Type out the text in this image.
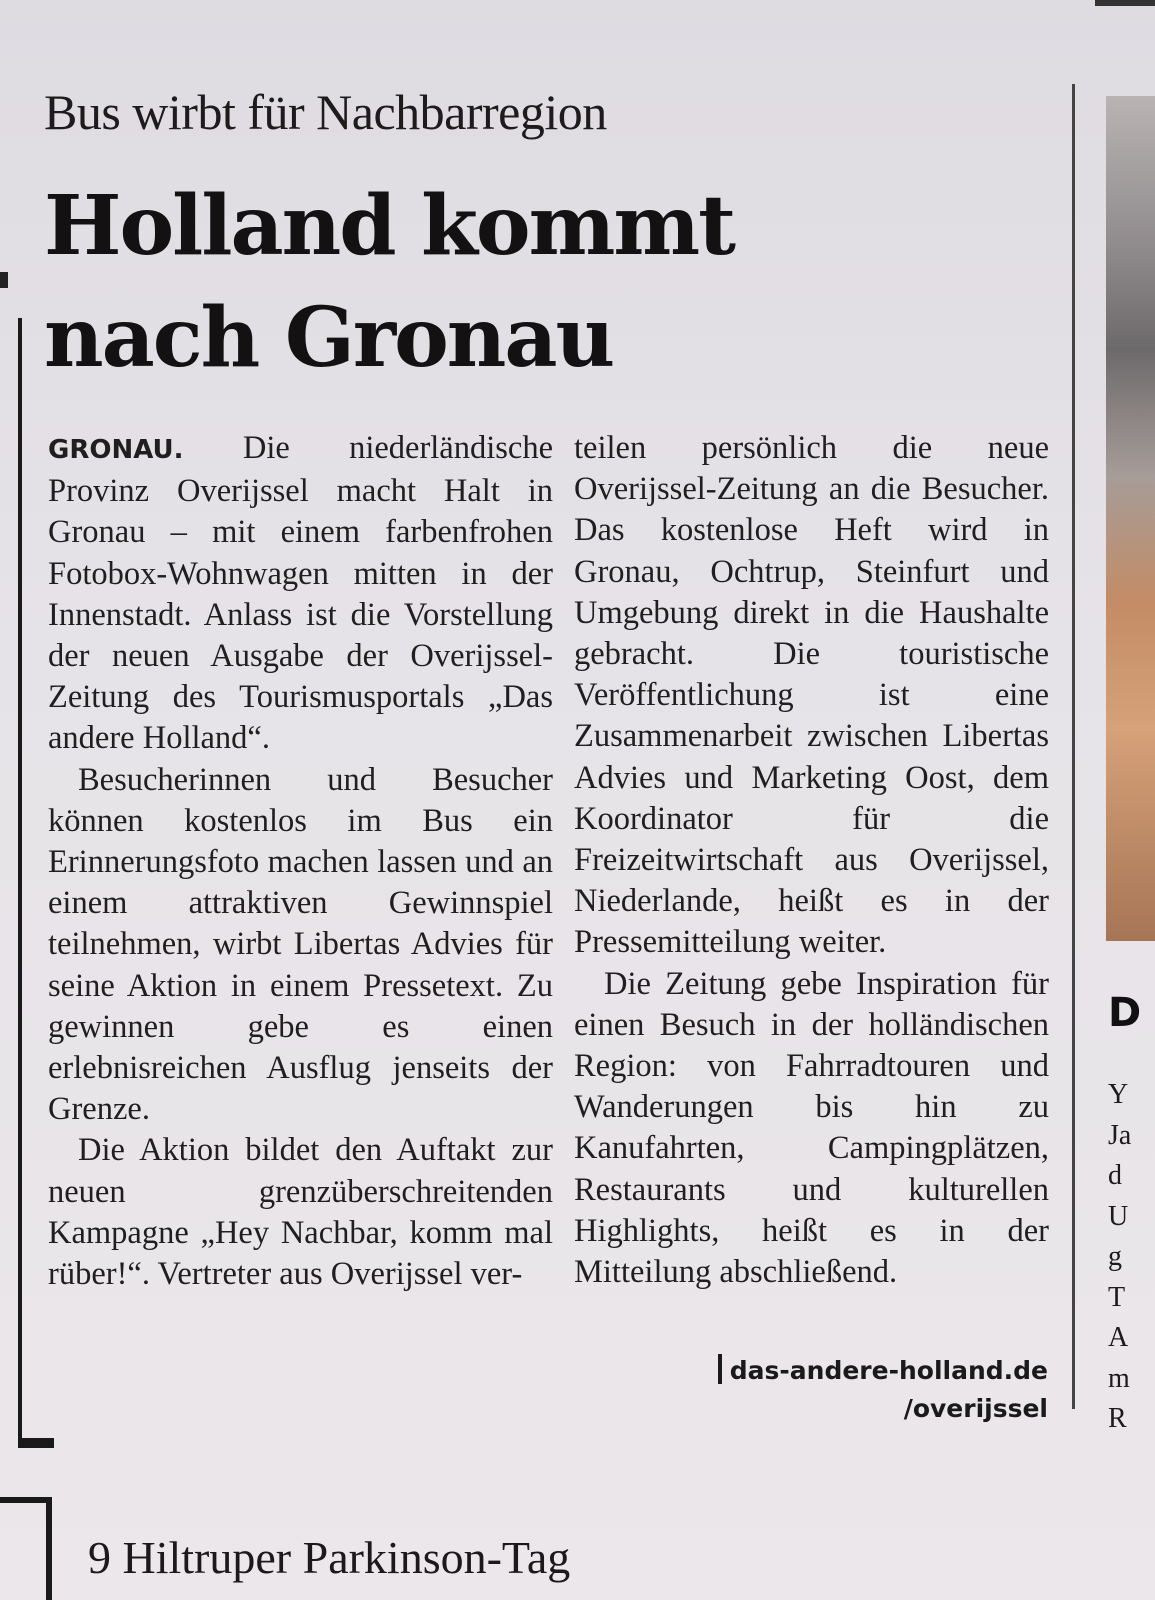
Bus wirbt für Nachbarregion
Holland kommt
nach Gronau

GRONAU. Die niederländische Provinz Overijssel macht Halt in Gronau – mit einem farbenfrohen Fotobox-Wohnwagen mitten in der Innenstadt. Anlass ist die Vorstellung der neuen Ausgabe der Overijssel-Zeitung des Tourismusportals „Das andere Holland“.

Besucherinnen und Besucher können kostenlos im Bus ein Erinnerungsfoto machen lassen und an einem attraktiven Gewinnspiel teilnehmen, wirbt Libertas Advies für seine Aktion in einem Pressetext. Zu gewinnen gebe es einen erlebnisreichen Ausflug jenseits der Grenze.

Die Aktion bildet den Auftakt zur neuen grenzüberschreitenden Kampagne „Hey Nachbar, komm mal rüber!“. Vertreter aus Overijssel ver-

teilen persönlich die neue Overijssel-Zeitung an die Besucher. Das kostenlose Heft wird in Gronau, Ochtrup, Steinfurt und Umgebung direkt in die Haushalte gebracht. Die touristische Veröffentlichung ist eine Zusammenarbeit zwischen Libertas Advies und Marketing Oost, dem Koordinator für die Freizeitwirtschaft aus Overijssel, Niederlande, heißt es in der Pressemitteilung weiter.

Die Zeitung gebe Inspiration für einen Besuch in der holländischen Region: von Fahrradtouren und Wanderungen bis hin zu Kanufahrten, Campingplätzen, Restaurants und kulturellen Highlights, heißt es in der Mitteilung abschließend.

das-andere-holland.de
/overijssel
9 Hiltruper Parkinson-Tag
D
Y
Ja
d
U
g
T
A
m
R
